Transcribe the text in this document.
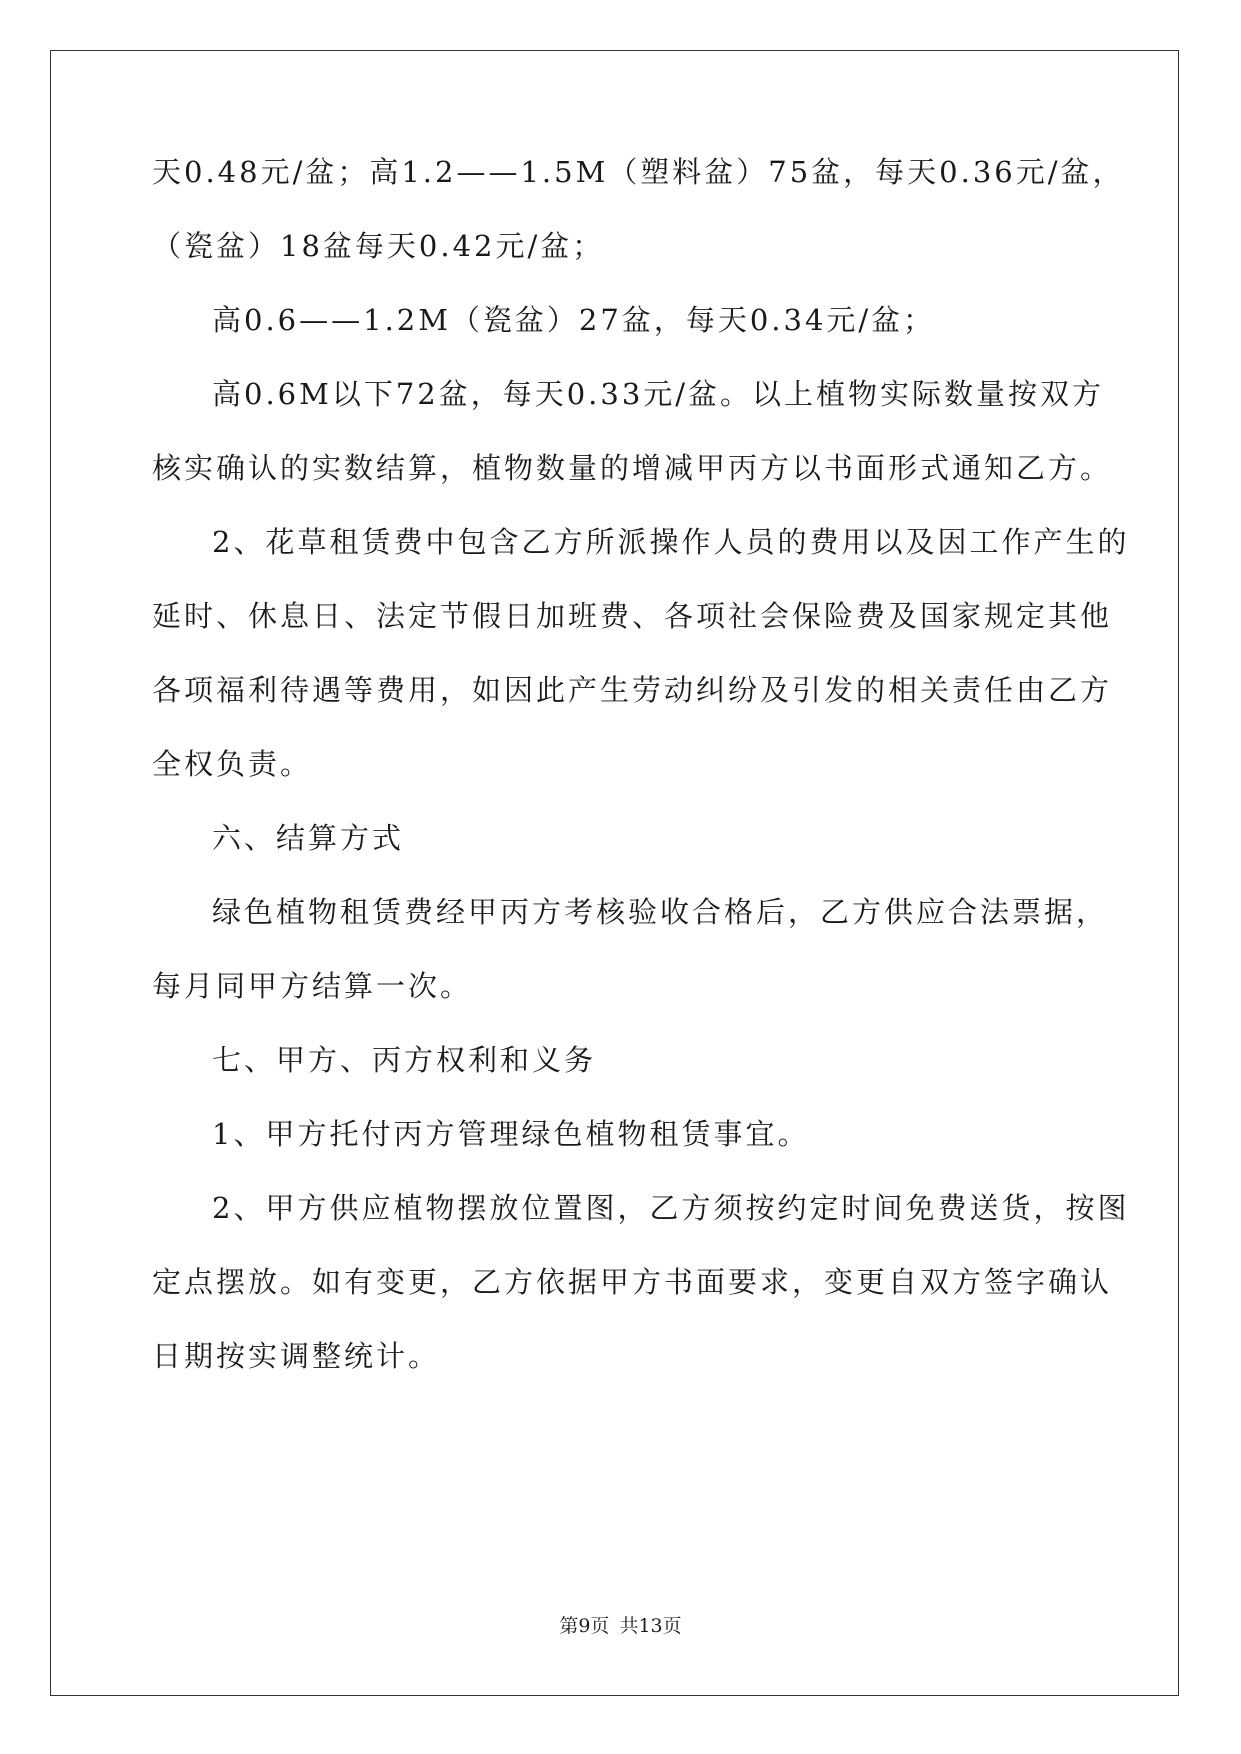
天0.48元/盆；高1.2——1.5M（塑料盆）75盆，每天0.36元/盆，
（瓷盆）18盆每天0.42元/盆；
高0.6——1.2M（瓷盆）27盆，每天0.34元/盆；
高0.6M以下72盆，每天0.33元/盆。以上植物实际数量按双方
核实确认的实数结算，植物数量的增减甲丙方以书面形式通知乙方。
2、花草租赁费中包含乙方所派操作人员的费用以及因工作产生的
延时、休息日、法定节假日加班费、各项社会保险费及国家规定其他
各项福利待遇等费用，如因此产生劳动纠纷及引发的相关责任由乙方
全权负责。
六、结算方式
绿色植物租赁费经甲丙方考核验收合格后，乙方供应合法票据，
每月同甲方结算一次。
七、甲方、丙方权利和义务
1、甲方托付丙方管理绿色植物租赁事宜。
2、甲方供应植物摆放位置图，乙方须按约定时间免费送货，按图
定点摆放。如有变更，乙方依据甲方书面要求，变更自双方签字确认
日期按实调整统计。
第9页 共13页
